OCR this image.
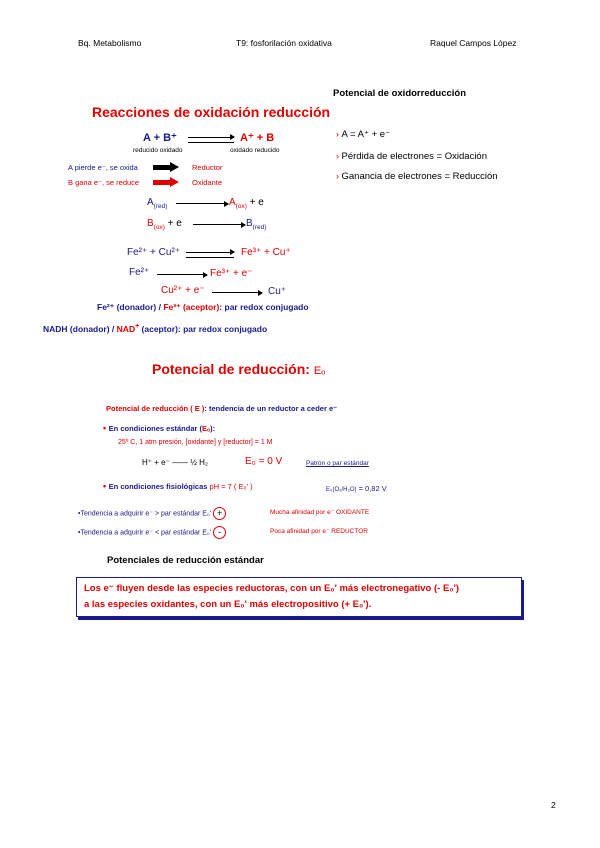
Bq. Metabolismo	T9: fosforilación oxidativa	Raquel Campos López
Reacciones de oxidación reducción
A + B⁺ → A⁺ + B
reducido oxidado	oxidado reducido
A pierde e⁻, se oxida	Reductor
B gana e⁻, se reduce	Oxidante
$A_{(red)}$	$A_{(ox)} + e$
$B_{(ox)} + e$	$B_{(red)}$
Fe²⁺ + Cu²⁺ → Fe³⁺ + Cu⁺
Fe²⁺	Fe³⁺ + e⁻
Cu²⁺ + e⁻	Cu⁺
Fe²⁺ (donador) / Fe³⁺ (aceptor): par redox conjugado
NADH (donador) / NAD+ (aceptor): par redox conjugado
Potencial de oxidorreducción
› A = A⁺ + e⁻
› Pérdida de electrones = Oxidación
› Ganancia de electrones = Reducción
Potencial de reducción: Eₒ
Potencial de reducción ( E ): tendencia de un reductor a ceder e⁻
• En condiciones estándar (Eₒ):
25º C, 1 atm presión, [oxidante] y [reductor] = 1 M
H⁺ + e⁻ —— ½ H₂	E₀ = 0 V	Patrón o par estándar
• En condiciones fisiológicas pH = 7 ( E₀' )	E₀(O₂/H₂O) = 0,82 V
•Tendencia a adquirir e⁻ > par estándar E₀' +	Mucha afinidad por e⁻ OXIDANTE
•Tendencia a adquirir e⁻ < par estándar E₀' -	Poca afinidad por e⁻ REDUCTOR
Potenciales de reducción estándar
Los e⁻ fluyen desde las especies reductoras, con un E₀' más electronegativo (- E₀')
a las especies oxidantes, con un E₀' más electropositivo (+ E₀').
2
